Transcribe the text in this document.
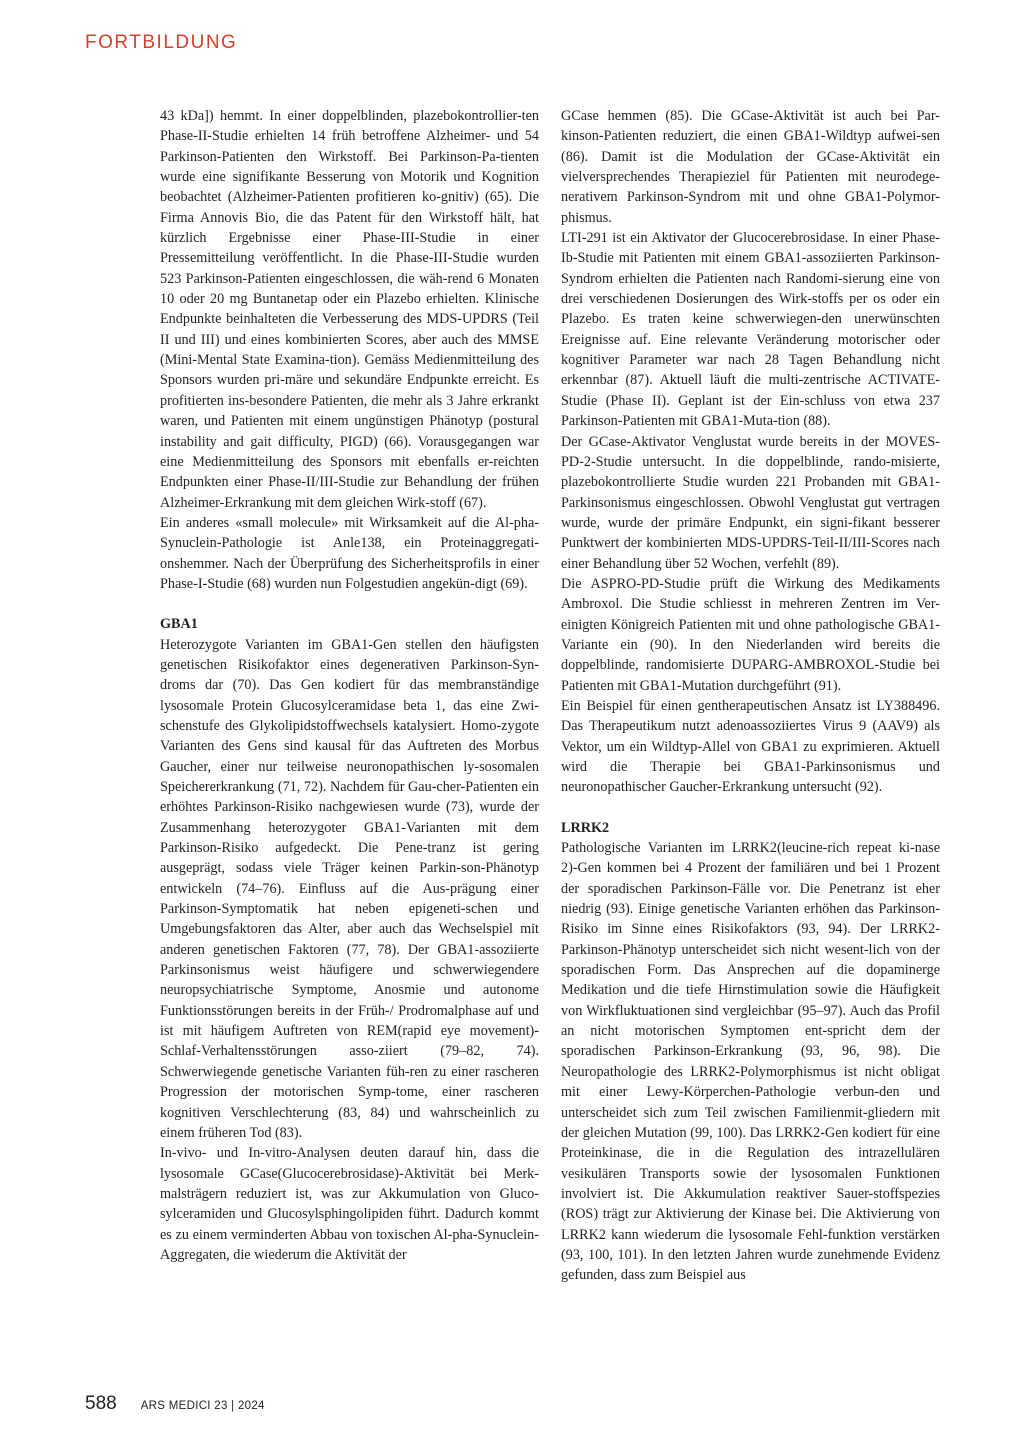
FORTBILDUNG

43 kDa]) hemmt. In einer doppelblinden, plazebokontrollier-ten Phase-II-Studie erhielten 14 früh betroffene Alzheimer- und 54 Parkinson-Patienten den Wirkstoff. Bei Parkinson-Pa-tienten wurde eine signifikante Besserung von Motorik und Kognition beobachtet (Alzheimer-Patienten profitieren ko-gnitiv) (65). Die Firma Annovis Bio, die das Patent für den Wirkstoff hält, hat kürzlich Ergebnisse einer Phase-III-Studie in einer Pressemitteilung veröffentlicht. In die Phase-III-Studie wurden 523 Parkinson-Patienten eingeschlossen, die wäh-rend 6 Monaten 10 oder 20 mg Buntanetap oder ein Plazebo erhielten. Klinische Endpunkte beinhalteten die Verbesserung des MDS-UPDRS (Teil II und III) und eines kombinierten Scores, aber auch des MMSE (Mini-Mental State Examina-tion). Gemäss Medienmitteilung des Sponsors wurden pri-märe und sekundäre Endpunkte erreicht. Es profitierten ins-besondere Patienten, die mehr als 3 Jahre erkrankt waren, und Patienten mit einem ungünstigen Phänotyp (postural instability and gait difficulty, PIGD) (66). Vorausgegangen war eine Medienmitteilung des Sponsors mit ebenfalls er-reichten Endpunkten einer Phase-II/III-Studie zur Behandlung der frühen Alzheimer-Erkrankung mit dem gleichen Wirk-stoff (67).

Ein anderes «small molecule» mit Wirksamkeit auf die Al-pha-Synuclein-Pathologie ist Anle138, ein Proteinaggregati-onshemmer. Nach der Überprüfung des Sicherheitsprofils in einer Phase-I-Studie (68) wurden nun Folgestudien angekün-digt (69).

GBA1

Heterozygote Varianten im GBA1-Gen stellen den häufigsten genetischen Risikofaktor eines degenerativen Parkinson-Syn-droms dar (70). Das Gen kodiert für das membranständige lysosomale Protein Glucosylceramidase beta 1, das eine Zwi-schenstufe des Glykolipidstoffwechsels katalysiert. Homo-zygote Varianten des Gens sind kausal für das Auftreten des Morbus Gaucher, einer nur teilweise neuronopathischen ly-sosomalen Speichererkrankung (71, 72). Nachdem für Gau-cher-Patienten ein erhöhtes Parkinson-Risiko nachgewiesen wurde (73), wurde der Zusammenhang heterozygoter GBA1-Varianten mit dem Parkinson-Risiko aufgedeckt. Die Pene-tranz ist gering ausgeprägt, sodass viele Träger keinen Parkin-son-Phänotyp entwickeln (74–76). Einfluss auf die Aus-prägung einer Parkinson-Symptomatik hat neben epigeneti-schen und Umgebungsfaktoren das Alter, aber auch das Wechselspiel mit anderen genetischen Faktoren (77, 78). Der GBA1-assoziierte Parkinsonismus weist häufigere und schwerwiegendere neuropsychiatrische Symptome, Anosmie und autonome Funktionsstörungen bereits in der Früh-/ Prodromalphase auf und ist mit häufigem Auftreten von REM(rapid eye movement)-Schlaf-Verhaltensstörungen asso-ziiert (79–82, 74). Schwerwiegende genetische Varianten füh-ren zu einer rascheren Progression der motorischen Symp-tome, einer rascheren kognitiven Verschlechterung (83, 84) und wahrscheinlich zu einem früheren Tod (83).

In-vivo- und In-vitro-Analysen deuten darauf hin, dass die lysosomale GCase(Glucocerebrosidase)-Aktivität bei Merk-malsträgern reduziert ist, was zur Akkumulation von Gluco-sylceramiden und Glucosylsphingolipiden führt. Dadurch kommt es zu einem verminderten Abbau von toxischen Al-pha-Synuclein-Aggregaten, die wiederum die Aktivität der

GCase hemmen (85). Die GCase-Aktivität ist auch bei Par-kinson-Patienten reduziert, die einen GBA1-Wildtyp aufwei-sen (86). Damit ist die Modulation der GCase-Aktivität ein vielversprechendes Therapieziel für Patienten mit neurodege-nerativem Parkinson-Syndrom mit und ohne GBA1-Polymor-phismus.

LTI-291 ist ein Aktivator der Glucocerebrosidase. In einer Phase-Ib-Studie mit Patienten mit einem GBA1-assoziierten Parkinson-Syndrom erhielten die Patienten nach Randomi-sierung eine von drei verschiedenen Dosierungen des Wirk-stoffs per os oder ein Plazebo. Es traten keine schwerwiegen-den unerwünschten Ereignisse auf. Eine relevante Veränderung motorischer oder kognitiver Parameter war nach 28 Tagen Behandlung nicht erkennbar (87). Aktuell läuft die multi-zentrische ACTIVATE-Studie (Phase II). Geplant ist der Ein-schluss von etwa 237 Parkinson-Patienten mit GBA1-Muta-tion (88).

Der GCase-Aktivator Venglustat wurde bereits in der MOVES-PD-2-Studie untersucht. In die doppelblinde, rando-misierte, plazebokontrollierte Studie wurden 221 Probanden mit GBA1-Parkinsonismus eingeschlossen. Obwohl Venglustat gut vertragen wurde, wurde der primäre Endpunkt, ein signi-fikant besserer Punktwert der kombinierten MDS-UPDRS-Teil-II/III-Scores nach einer Behandlung über 52 Wochen, verfehlt (89).

Die ASPRO-PD-Studie prüft die Wirkung des Medikaments Ambroxol. Die Studie schliesst in mehreren Zentren im Ver-einigten Königreich Patienten mit und ohne pathologische GBA1-Variante ein (90). In den Niederlanden wird bereits die doppelblinde, randomisierte DUPARG-AMBROXOL-Studie bei Patienten mit GBA1-Mutation durchgeführt (91).

Ein Beispiel für einen gentherapeutischen Ansatz ist LY388496. Das Therapeutikum nutzt adenoassoziiertes Virus 9 (AAV9) als Vektor, um ein Wildtyp-Allel von GBA1 zu exprimieren. Aktuell wird die Therapie bei GBA1-Parkinsonismus und neuronopathischer Gaucher-Erkrankung untersucht (92).

LRRK2

Pathologische Varianten im LRRK2(leucine-rich repeat ki-nase 2)-Gen kommen bei 4 Prozent der familiären und bei 1 Prozent der sporadischen Parkinson-Fälle vor. Die Penetranz ist eher niedrig (93). Einige genetische Varianten erhöhen das Parkinson-Risiko im Sinne eines Risikofaktors (93, 94). Der LRRK2-Parkinson-Phänotyp unterscheidet sich nicht wesent-lich von der sporadischen Form. Das Ansprechen auf die dopaminerge Medikation und die tiefe Hirnstimulation sowie die Häufigkeit von Wirkfluktuationen sind vergleichbar (95–97). Auch das Profil an nicht motorischen Symptomen ent-spricht dem der sporadischen Parkinson-Erkrankung (93, 96, 98). Die Neuropathologie des LRRK2-Polymorphismus ist nicht obligat mit einer Lewy-Körperchen-Pathologie verbun-den und unterscheidet sich zum Teil zwischen Familienmit-gliedern mit der gleichen Mutation (99, 100). Das LRRK2-Gen kodiert für eine Proteinkinase, die in die Regulation des intrazellulären vesikulären Transports sowie der lysosomalen Funktionen involviert ist. Die Akkumulation reaktiver Sauer-stoffspezies (ROS) trägt zur Aktivierung der Kinase bei. Die Aktivierung von LRRK2 kann wiederum die lysosomale Fehl-funktion verstärken (93, 100, 101). In den letzten Jahren wurde zunehmende Evidenz gefunden, dass zum Beispiel aus

588 ARS MEDICI 23 | 2024
